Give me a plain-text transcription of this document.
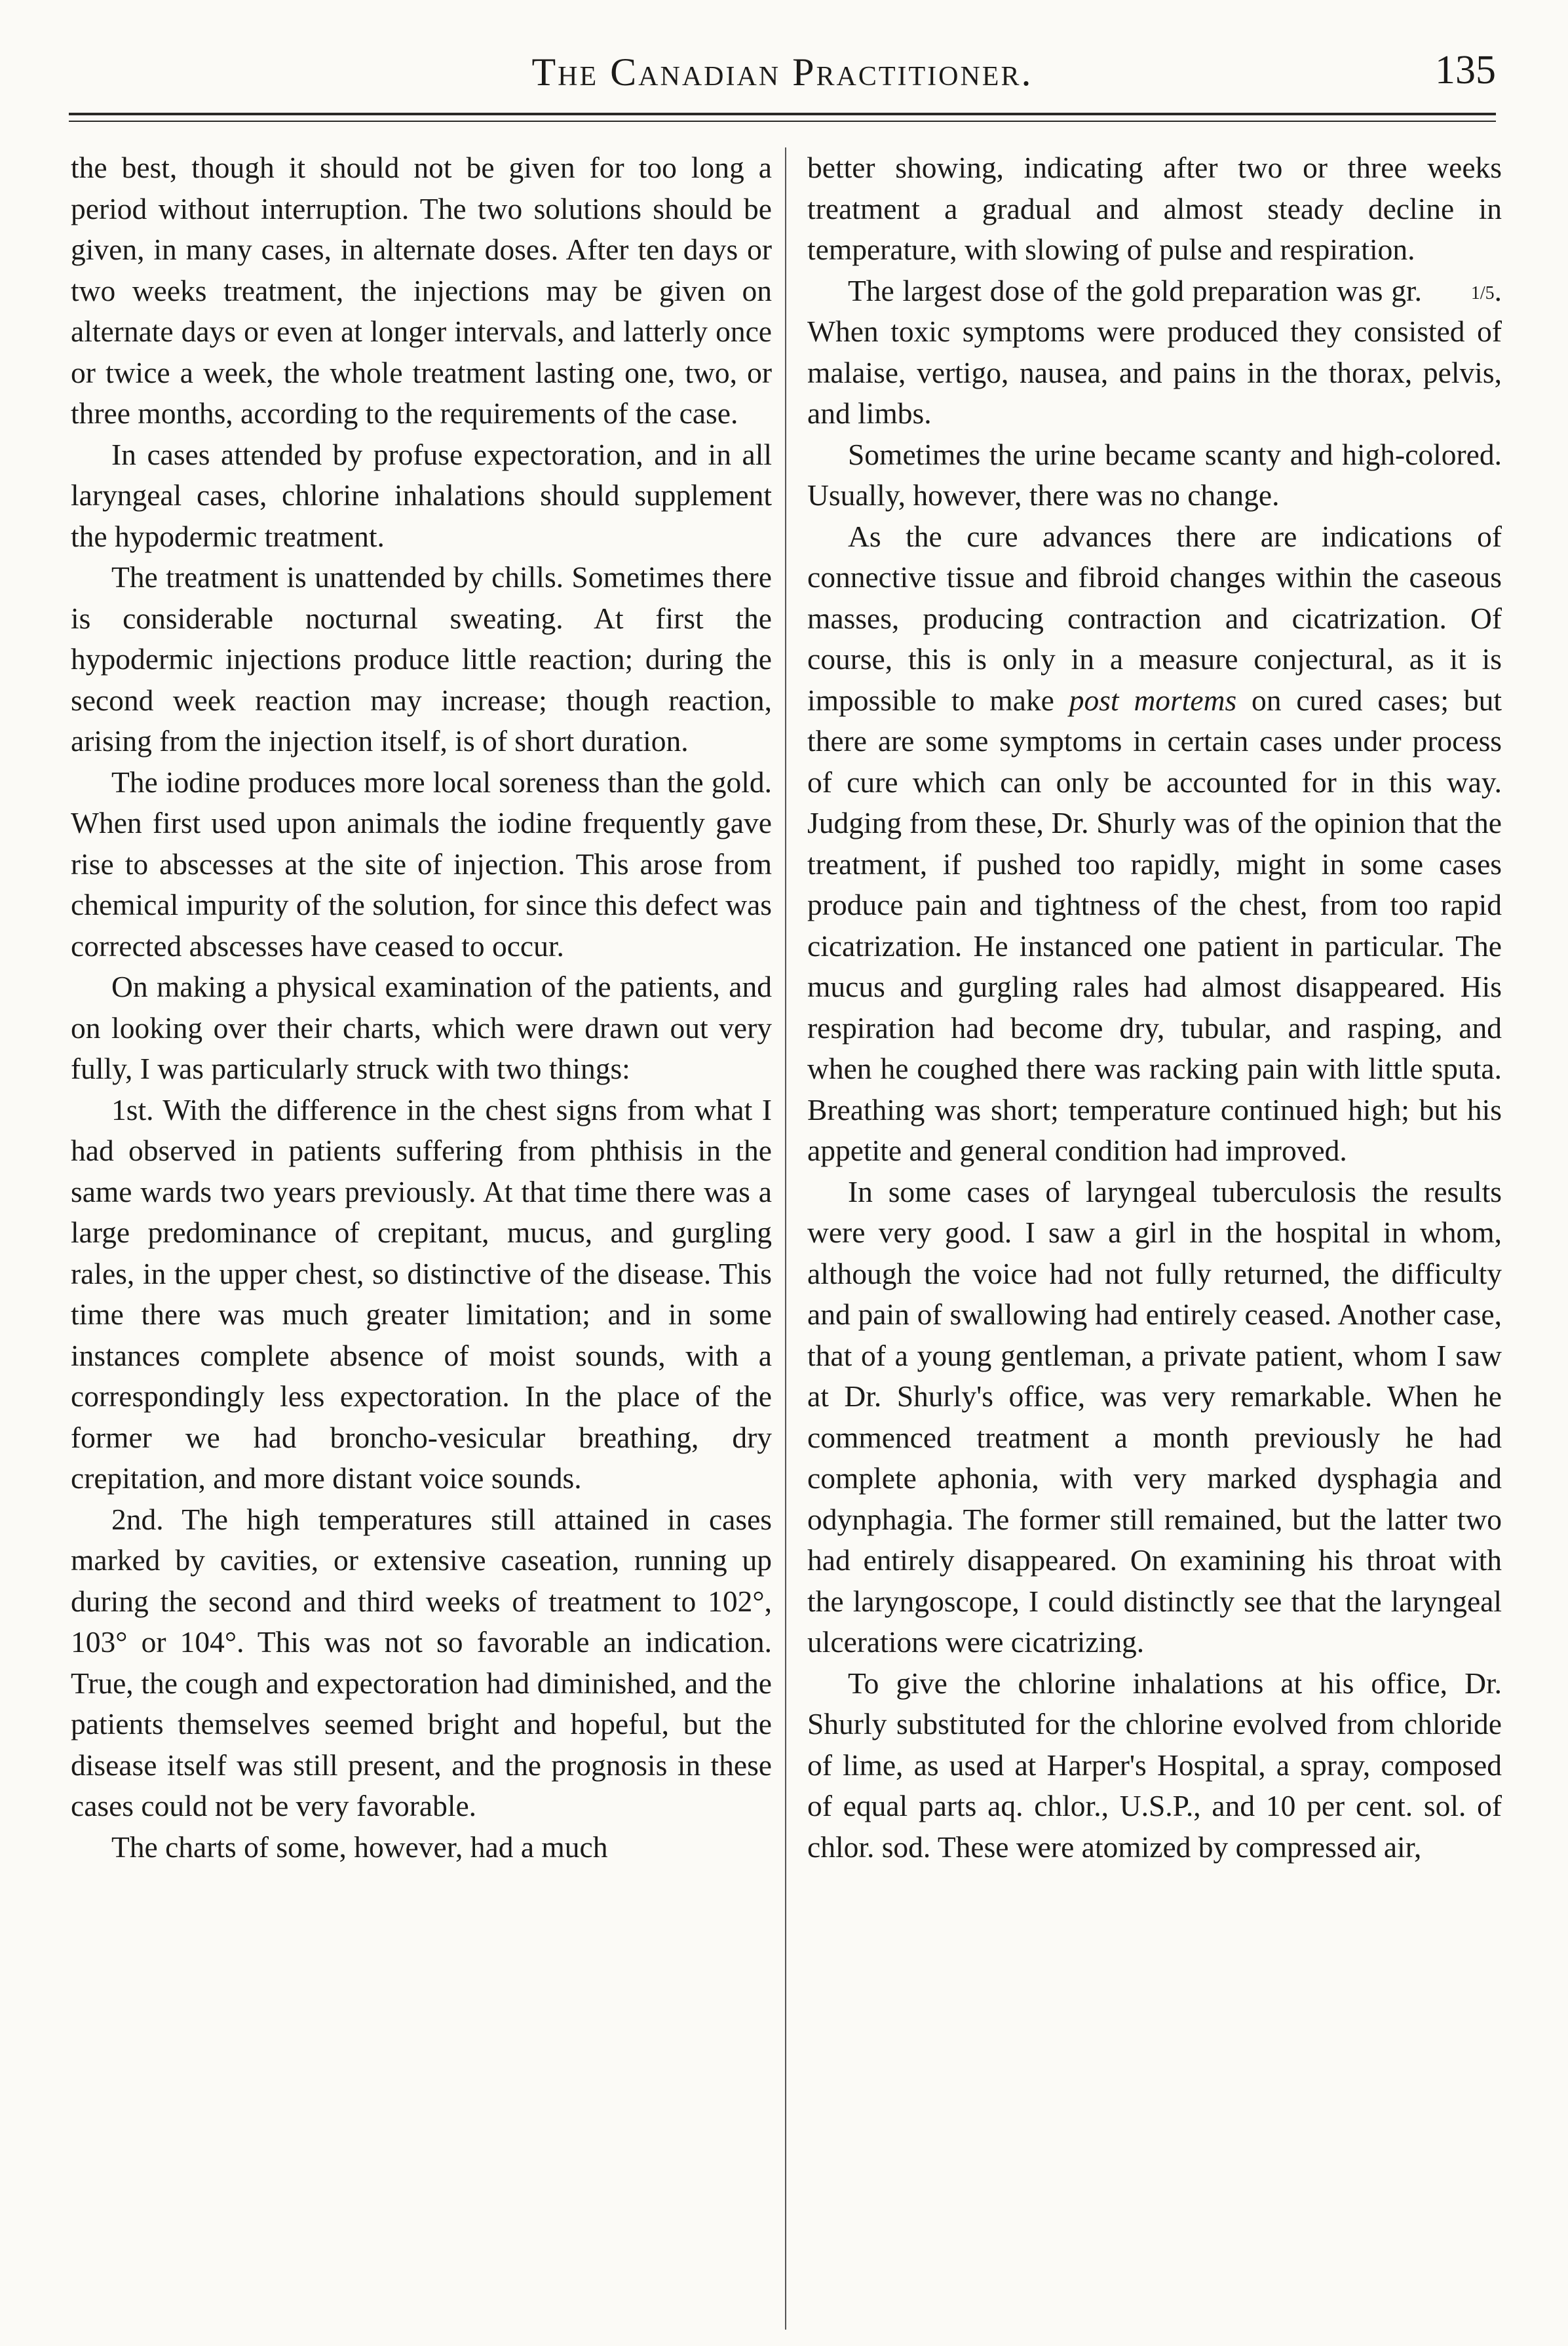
The Canadian Practitioner.	135

the best, though it should not be given for too long a period without interruption. The two solutions should be given, in many cases, in alternate doses. After ten days or two weeks treatment, the injections may be given on alternate days or even at longer intervals, and latterly once or twice a week, the whole treatment lasting one, two, or three months, according to the requirements of the case.

In cases attended by profuse expectoration, and in all laryngeal cases, chlorine inhalations should supplement the hypodermic treatment.

The treatment is unattended by chills. Sometimes there is considerable nocturnal sweating. At first the hypodermic injections produce little reaction; during the second week reaction may increase; though reaction, arising from the injection itself, is of short duration.

The iodine produces more local soreness than the gold. When first used upon animals the iodine frequently gave rise to abscesses at the site of injection. This arose from chemical impurity of the solution, for since this defect was corrected abscesses have ceased to occur.

On making a physical examination of the patients, and on looking over their charts, which were drawn out very fully, I was particularly struck with two things:

1st. With the difference in the chest signs from what I had observed in patients suffering from phthisis in the same wards two years previously. At that time there was a large predominance of crepitant, mucus, and gurgling rales, in the upper chest, so distinctive of the disease. This time there was much greater limitation; and in some instances complete absence of moist sounds, with a correspondingly less expectoration. In the place of the former we had broncho-vesicular breathing, dry crepitation, and more distant voice sounds.

2nd. The high temperatures still attained in cases marked by cavities, or extensive caseation, running up during the second and third weeks of treatment to 102°, 103° or 104°. This was not so favorable an indication. True, the cough and expectoration had diminished, and the patients themselves seemed bright and hopeful, but the disease itself was still present, and the prognosis in these cases could not be very favorable.

The charts of some, however, had a much

better showing, indicating after two or three weeks treatment a gradual and almost steady decline in temperature, with slowing of pulse and respiration.

The largest dose of the gold preparation was gr. 1/5. When toxic symptoms were produced they consisted of malaise, vertigo, nausea, and pains in the thorax, pelvis, and limbs.

Sometimes the urine became scanty and high-colored. Usually, however, there was no change.

As the cure advances there are indications of connective tissue and fibroid changes within the caseous masses, producing contraction and cicatrization. Of course, this is only in a measure conjectural, as it is impossible to make post mortems on cured cases; but there are some symptoms in certain cases under process of cure which can only be accounted for in this way. Judging from these, Dr. Shurly was of the opinion that the treatment, if pushed too rapidly, might in some cases produce pain and tightness of the chest, from too rapid cicatrization. He instanced one patient in particular. The mucus and gurgling rales had almost disappeared. His respiration had become dry, tubular, and rasping, and when he coughed there was racking pain with little sputa. Breathing was short; temperature continued high; but his appetite and general condition had improved.

In some cases of laryngeal tuberculosis the results were very good. I saw a girl in the hospital in whom, although the voice had not fully returned, the difficulty and pain of swallowing had entirely ceased. Another case, that of a young gentleman, a private patient, whom I saw at Dr. Shurly's office, was very remarkable. When he commenced treatment a month previously he had complete aphonia, with very marked dysphagia and odynphagia. The former still remained, but the latter two had entirely disappeared. On examining his throat with the laryngoscope, I could distinctly see that the laryngeal ulcerations were cicatrizing.

To give the chlorine inhalations at his office, Dr. Shurly substituted for the chlorine evolved from chloride of lime, as used at Harper's Hospital, a spray, composed of equal parts aq. chlor., U.S.P., and 10 per cent. sol. of chlor. sod. These were atomized by compressed air,
